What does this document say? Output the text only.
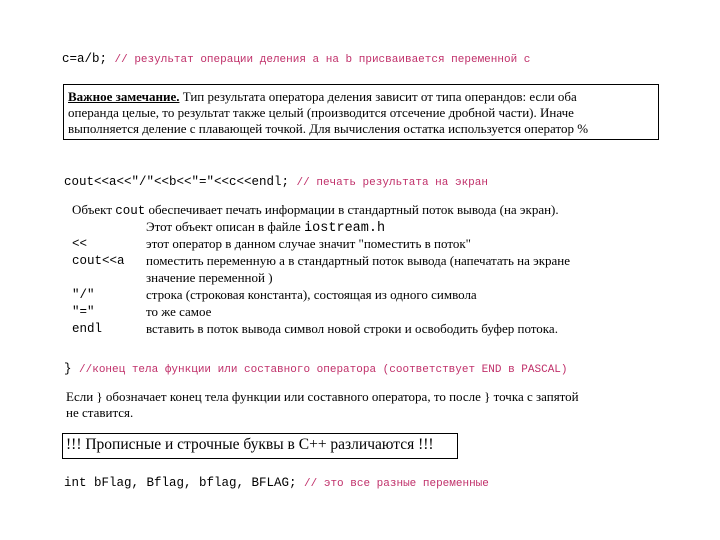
c=a/b; // результат операции деления a на b присваивается переменной c
Важное замечание. Тип результата оператора деления зависит от типа операндов: если оба
операнда целые, то результат также целый (производится отсечение дробной части). Иначе
выполняется деление с плавающей точкой. Для вычисления остатка используется оператор %
cout<<a<<"/"<<b<<"="<<c<<endl; // печать результата на экран
Объект cout обеспечивает печать информации в стандартный поток вывода (на экран).
Этот объект описан в файле iostream.h
<<	этот оператор в данном случае значит "поместить в поток"
cout<<a	поместить переменную a в стандартный поток вывода (напечатать на экране
значение переменной )
"/"	строка (строковая константа), состоящая из одного символа
"="	то же самое
endl	вставить в поток вывода символ новой строки и освободить буфер потока.
} //конец тела функции или составного оператора (соответствует END в PASCAL)
Если } обозначает конец тела функции или составного оператора, то после } точка с запятой
не ставится.
!!! Прописные и строчные буквы в С++ различаются !!!
int bFlag, Bflag, bflag, BFLAG; // это все разные переменные
